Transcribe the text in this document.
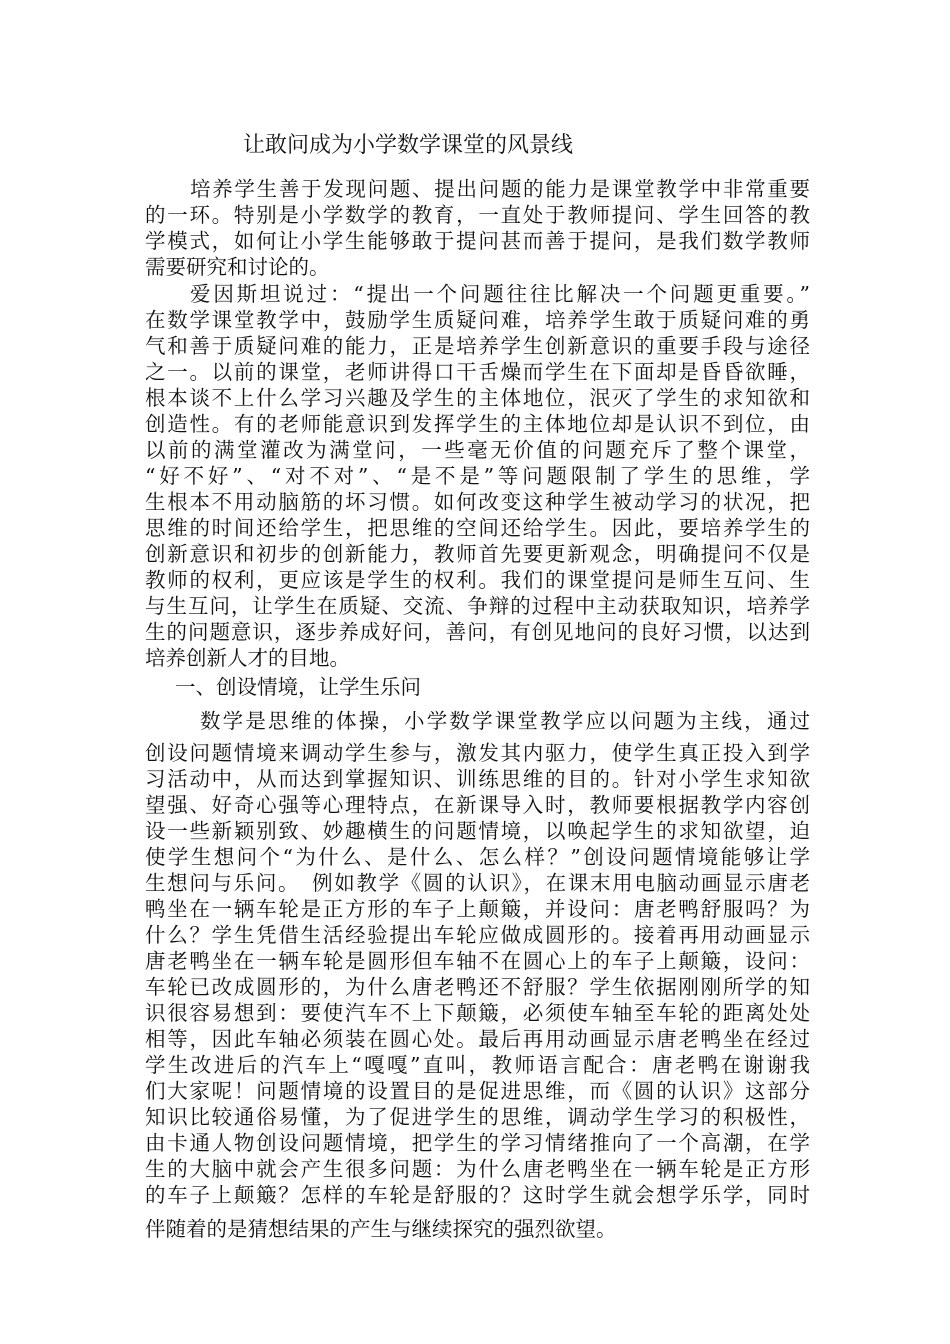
让敢问成为小学数学课堂的风景线
培养学生善于发现问题、提出问题的能力是课堂教学中非常重要
的一环。特别是小学数学的教育，一直处于教师提问、学生回答的教
学模式，如何让小学生能够敢于提问甚而善于提问，是我们数学教师
需要研究和讨论的。
爱因斯坦说过：“提出一个问题往往比解决一个问题更重要。”
在数学课堂教学中，鼓励学生质疑问难，培养学生敢于质疑问难的勇
气和善于质疑问难的能力，正是培养学生创新意识的重要手段与途径
之一。以前的课堂，老师讲得口干舌燥而学生在下面却是昏昏欲睡，
根本谈不上什么学习兴趣及学生的主体地位，泯灭了学生的求知欲和
创造性。有的老师能意识到发挥学生的主体地位却是认识不到位，由
以前的满堂灌改为满堂问，一些毫无价值的问题充斥了整个课堂，
“好不好”、“对不对”、“是不是”等问题限制了学生的思维，学
生根本不用动脑筋的坏习惯。如何改变这种学生被动学习的状况，把
思维的时间还给学生，把思维的空间还给学生。因此，要培养学生的
创新意识和初步的创新能力，教师首先要更新观念，明确提问不仅是
教师的权利，更应该是学生的权利。我们的课堂提问是师生互问、生
与生互问，让学生在质疑、交流、争辩的过程中主动获取知识，培养学
生的问题意识，逐步养成好问，善问，有创见地问的良好习惯，以达到
培养创新人才的目地。
一、创设情境，让学生乐问
数学是思维的体操，小学数学课堂教学应以问题为主线，通过
创设问题情境来调动学生参与，激发其内驱力，使学生真正投入到学
习活动中，从而达到掌握知识、训练思维的目的。针对小学生求知欲
望强、好奇心强等心理特点，在新课导入时，教师要根据教学内容创
设一些新颖别致、妙趣横生的问题情境，以唤起学生的求知欲望，迫
使学生想问个“为什么、是什么、怎么样？”创设问题情境能够让学
生想问与乐问。　例如教学《圆的认识》，在课末用电脑动画显示唐老
鸭坐在一辆车轮是正方形的车子上颠簸，并设问：唐老鸭舒服吗？为
什么？学生凭借生活经验提出车轮应做成圆形的。接着再用动画显示
唐老鸭坐在一辆车轮是圆形但车轴不在圆心上的车子上颠簸，设问：
车轮已改成圆形的，为什么唐老鸭还不舒服？学生依据刚刚所学的知
识很容易想到：要使汽车不上下颠簸，必须使车轴至车轮的距离处处
相等，因此车轴必须装在圆心处。最后再用动画显示唐老鸭坐在经过
学生改进后的汽车上“嘎嘎”直叫，教师语言配合：唐老鸭在谢谢我
们大家呢！问题情境的设置目的是促进思维，而《圆的认识》这部分
知识比较通俗易懂，为了促进学生的思维，调动学生学习的积极性，
由卡通人物创设问题情境，把学生的学习情绪推向了一个高潮，在学
生的大脑中就会产生很多问题：为什么唐老鸭坐在一辆车轮是正方形
的车子上颠簸？怎样的车轮是舒服的？这时学生就会想学乐学，同时
伴随着的是猜想结果的产生与继续探究的强烈欲望。
